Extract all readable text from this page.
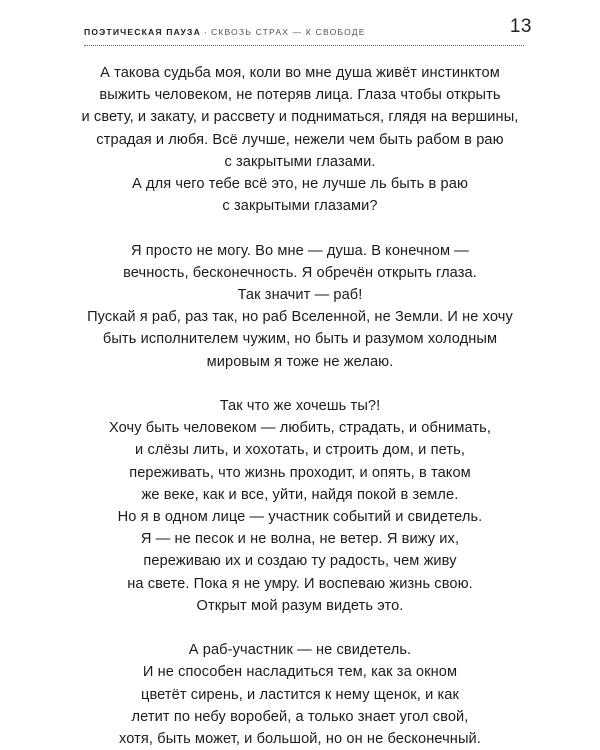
ПОЭТИЧЕСКАЯ ПАУЗА · СКВОЗЬ СТРАХ — К СВОБОДЕ	13

А такова судьба моя, коли во мне душа живёт инстинктом
выжить человеком, не потеряв лица. Глаза чтобы открыть
и свету, и закату, и рассвету и подниматься, глядя на вершины,
страдая и любя. Всё лучше, нежели чем быть рабом в раю
с закрытыми глазами.
А для чего тебе всё это, не лучше ль быть в раю
с закрытыми глазами?

Я просто не могу. Во мне — душа. В конечном —
вечность, бесконечность. Я обречён открыть глаза.
Так значит — раб!
Пускай я раб, раз так, но раб Вселенной, не Земли. И не хочу
быть исполнителем чужим, но быть и разумом холодным
мировым я тоже не желаю.

Так что же хочешь ты?!
Хочу быть человеком — любить, страдать, и обнимать,
и слёзы лить, и хохотать, и строить дом, и петь,
переживать, что жизнь проходит, и опять, в таком
же веке, как и все, уйти, найдя покой в земле.
Но я в одном лице — участник событий и свидетель.
Я — не песок и не волна, не ветер. Я вижу их,
переживаю их и создаю ту радость, чем живу
на свете. Пока я не умру. И воспеваю жизнь свою.
Открыт мой разум видеть это.

А раб-участник — не свидетель.
И не способен насладиться тем, как за окном
цветёт сирень, и ластится к нему щенок, и как
летит по небу воробей, а только знает угол свой,
хотя, быть может, и большой, но он не бесконечный.
